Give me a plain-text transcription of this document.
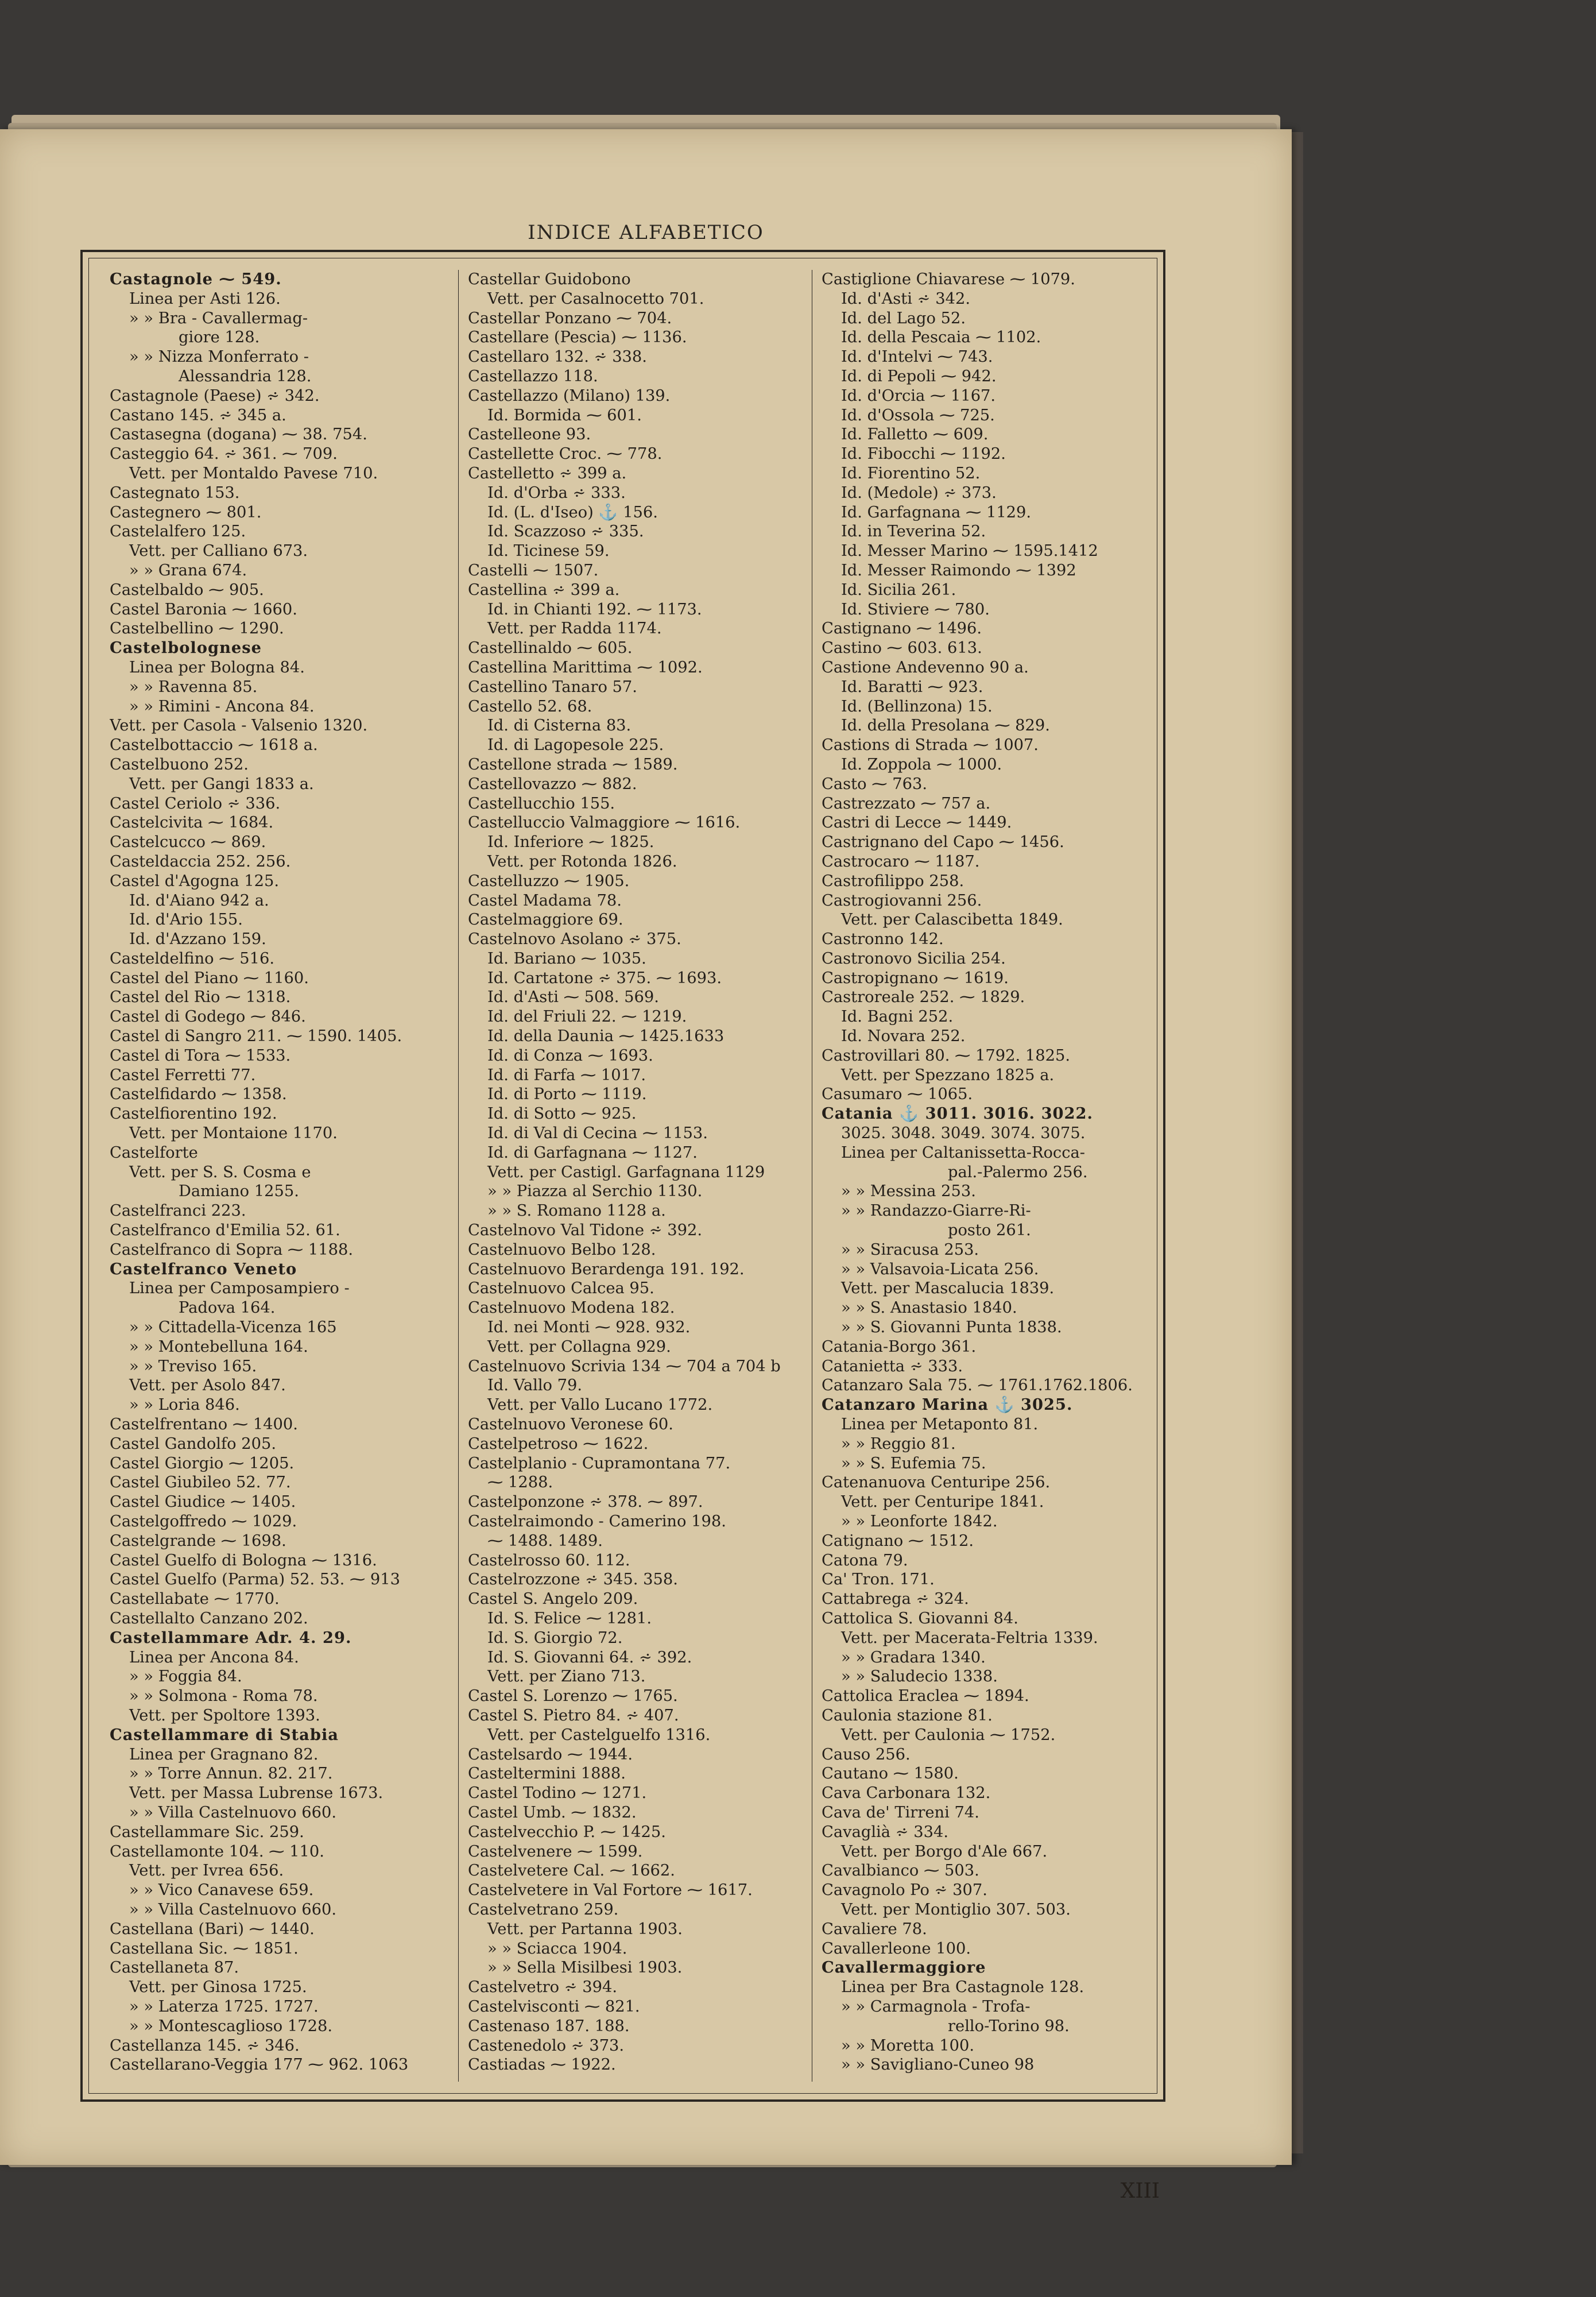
INDICE ALFABETICO
Castagnole ⁓ 549.
Linea per Asti 126.
» » Bra - Cavallermag-
giore 128.
» » Nizza Monferrato -
Alessandria 128.
Castagnole (Paese) ⩫ 342.
Castano 145. ⩫ 345 a.
Castasegna (dogana) ⁓ 38. 754.
Casteggio 64. ⩫ 361. ⁓ 709.
Vett. per Montaldo Pavese 710.
Castegnato 153.
Castegnero ⁓ 801.
Castelalfero 125.
Vett. per Calliano 673.
» » Grana 674.
Castelbaldo ⁓ 905.
Castel Baronia ⁓ 1660.
Castelbellino ⁓ 1290.
Castelbolognese
Linea per Bologna 84.
» » Ravenna 85.
» » Rimini - Ancona 84.
Vett. per Casola - Valsenio 1320.
Castelbottaccio ⁓ 1618 a.
Castelbuono 252.
Vett. per Gangi 1833 a.
Castel Ceriolo ⩫ 336.
Castelcivita ⁓ 1684.
Castelcucco ⁓ 869.
Casteldaccia 252. 256.
Castel d'Agogna 125.
Id. d'Aiano 942 a.
Id. d'Ario 155.
Id. d'Azzano 159.
Casteldelfino ⁓ 516.
Castel del Piano ⁓ 1160.
Castel del Rio ⁓ 1318.
Castel di Godego ⁓ 846.
Castel di Sangro 211. ⁓ 1590. 1405.
Castel di Tora ⁓ 1533.
Castel Ferretti 77.
Castelfidardo ⁓ 1358.
Castelfiorentino 192.
Vett. per Montaione 1170.
Castelforte
Vett. per S. S. Cosma e
Damiano 1255.
Castelfranci 223.
Castelfranco d'Emilia 52. 61.
Castelfranco di Sopra ⁓ 1188.
Castelfranco Veneto
Linea per Camposampiero -
Padova 164.
» » Cittadella-Vicenza 165
» » Montebelluna 164.
» » Treviso 165.
Vett. per Asolo 847.
» » Loria 846.
Castelfrentano ⁓ 1400.
Castel Gandolfo 205.
Castel Giorgio ⁓ 1205.
Castel Giubileo 52. 77.
Castel Giudice ⁓ 1405.
Castelgoffredo ⁓ 1029.
Castelgrande ⁓ 1698.
Castel Guelfo di Bologna ⁓ 1316.
Castel Guelfo (Parma) 52. 53. ⁓ 913
Castellabate ⁓ 1770.
Castellalto Canzano 202.
Castellammare Adr. 4. 29.
Linea per Ancona 84.
» » Foggia 84.
» » Solmona - Roma 78.
Vett. per Spoltore 1393.
Castellammare di Stabia
Linea per Gragnano 82.
» » Torre Annun. 82. 217.
Vett. per Massa Lubrense 1673.
» » Villa Castelnuovo 660.
Castellammare Sic. 259.
Castellamonte 104. ⁓ 110.
Vett. per Ivrea 656.
» » Vico Canavese 659.
» » Villa Castelnuovo 660.
Castellana (Bari) ⁓ 1440.
Castellana Sic. ⁓ 1851.
Castellaneta 87.
Vett. per Ginosa 1725.
» » Laterza 1725. 1727.
» » Montescaglioso 1728.
Castellanza 145. ⩫ 346.
Castellarano-Veggia 177 ⁓ 962. 1063
Castellar Guidobono
Vett. per Casalnocetto 701.
Castellar Ponzano ⁓ 704.
Castellare (Pescia) ⁓ 1136.
Castellaro 132. ⩫ 338.
Castellazzo 118.
Castellazzo (Milano) 139.
Id. Bormida ⁓ 601.
Castelleone 93.
Castellette Croc. ⁓ 778.
Castelletto ⩫ 399 a.
Id. d'Orba ⩫ 333.
Id. (L. d'Iseo) ⚓ 156.
Id. Scazzoso ⩫ 335.
Id. Ticinese 59.
Castelli ⁓ 1507.
Castellina ⩫ 399 a.
Id. in Chianti 192. ⁓ 1173.
Vett. per Radda 1174.
Castellinaldo ⁓ 605.
Castellina Marittima ⁓ 1092.
Castellino Tanaro 57.
Castello 52. 68.
Id. di Cisterna 83.
Id. di Lagopesole 225.
Castellone strada ⁓ 1589.
Castellovazzo ⁓ 882.
Castellucchio 155.
Castelluccio Valmaggiore ⁓ 1616.
Id. Inferiore ⁓ 1825.
Vett. per Rotonda 1826.
Castelluzzo ⁓ 1905.
Castel Madama 78.
Castelmaggiore 69.
Castelnovo Asolano ⩫ 375.
Id. Bariano ⁓ 1035.
Id. Cartatone ⩫ 375. ⁓ 1693.
Id. d'Asti ⁓ 508. 569.
Id. del Friuli 22. ⁓ 1219.
Id. della Daunia ⁓ 1425.1633
Id. di Conza ⁓ 1693.
Id. di Farfa ⁓ 1017.
Id. di Porto ⁓ 1119.
Id. di Sotto ⁓ 925.
Id. di Val di Cecina ⁓ 1153.
Id. di Garfagnana ⁓ 1127.
Vett. per Castigl. Garfagnana 1129
» » Piazza al Serchio 1130.
» » S. Romano 1128 a.
Castelnovo Val Tidone ⩫ 392.
Castelnuovo Belbo 128.
Castelnuovo Berardenga 191. 192.
Castelnuovo Calcea 95.
Castelnuovo Modena 182.
Id. nei Monti ⁓ 928. 932.
Vett. per Collagna 929.
Castelnuovo Scrivia 134 ⁓ 704 a 704 b
Id. Vallo 79.
Vett. per Vallo Lucano 1772.
Castelnuovo Veronese 60.
Castelpetroso ⁓ 1622.
Castelplanio - Cupramontana 77.
⁓ 1288.
Castelponzone ⩫ 378. ⁓ 897.
Castelraimondo - Camerino 198.
⁓ 1488. 1489.
Castelrosso 60. 112.
Castelrozzone ⩫ 345. 358.
Castel S. Angelo 209.
Id. S. Felice ⁓ 1281.
Id. S. Giorgio 72.
Id. S. Giovanni 64. ⩫ 392.
Vett. per Ziano 713.
Castel S. Lorenzo ⁓ 1765.
Castel S. Pietro 84. ⩫ 407.
Vett. per Castelguelfo 1316.
Castelsardo ⁓ 1944.
Casteltermini 1888.
Castel Todino ⁓ 1271.
Castel Umb. ⁓ 1832.
Castelvecchio P. ⁓ 1425.
Castelvenere ⁓ 1599.
Castelvetere Cal. ⁓ 1662.
Castelvetere in Val Fortore ⁓ 1617.
Castelvetrano 259.
Vett. per Partanna 1903.
» » Sciacca 1904.
» » Sella Misilbesi 1903.
Castelvetro ⩫ 394.
Castelvisconti ⁓ 821.
Castenaso 187. 188.
Castenedolo ⩫ 373.
Castiadas ⁓ 1922.
Castiglione Chiavarese ⁓ 1079.
Id. d'Asti ⩫ 342.
Id. del Lago 52.
Id. della Pescaia ⁓ 1102.
Id. d'Intelvi ⁓ 743.
Id. di Pepoli ⁓ 942.
Id. d'Orcia ⁓ 1167.
Id. d'Ossola ⁓ 725.
Id. Falletto ⁓ 609.
Id. Fibocchi ⁓ 1192.
Id. Fiorentino 52.
Id. (Medole) ⩫ 373.
Id. Garfagnana ⁓ 1129.
Id. in Teverina 52.
Id. Messer Marino ⁓ 1595.1412
Id. Messer Raimondo ⁓ 1392
Id. Sicilia 261.
Id. Stiviere ⁓ 780.
Castignano ⁓ 1496.
Castino ⁓ 603. 613.
Castione Andevenno 90 a.
Id. Baratti ⁓ 923.
Id. (Bellinzona) 15.
Id. della Presolana ⁓ 829.
Castions di Strada ⁓ 1007.
Id. Zoppola ⁓ 1000.
Casto ⁓ 763.
Castrezzato ⁓ 757 a.
Castri di Lecce ⁓ 1449.
Castrignano del Capo ⁓ 1456.
Castrocaro ⁓ 1187.
Castrofilippo 258.
Castrogiovanni 256.
Vett. per Calascibetta 1849.
Castronno 142.
Castronovo Sicilia 254.
Castropignano ⁓ 1619.
Castroreale 252. ⁓ 1829.
Id. Bagni 252.
Id. Novara 252.
Castrovillari 80. ⁓ 1792. 1825.
Vett. per Spezzano 1825 a.
Casumaro ⁓ 1065.
Catania ⚓ 3011. 3016. 3022.
3025. 3048. 3049. 3074. 3075.
Linea per Caltanissetta-Rocca-
pal.-Palermo 256.
» » Messina 253.
» » Randazzo-Giarre-Ri-
posto 261.
» » Siracusa 253.
» » Valsavoia-Licata 256.
Vett. per Mascalucia 1839.
» » S. Anastasio 1840.
» » S. Giovanni Punta 1838.
Catania-Borgo 361.
Catanietta ⩫ 333.
Catanzaro Sala 75. ⁓ 1761.1762.1806.
Catanzaro Marina ⚓ 3025.
Linea per Metaponto 81.
» » Reggio 81.
» » S. Eufemia 75.
Catenanuova Centuripe 256.
Vett. per Centuripe 1841.
» » Leonforte 1842.
Catignano ⁓ 1512.
Catona 79.
Ca' Tron. 171.
Cattabrega ⩫ 324.
Cattolica S. Giovanni 84.
Vett. per Macerata-Feltria 1339.
» » Gradara 1340.
» » Saludecio 1338.
Cattolica Eraclea ⁓ 1894.
Caulonia stazione 81.
Vett. per Caulonia ⁓ 1752.
Causo 256.
Cautano ⁓ 1580.
Cava Carbonara 132.
Cava de' Tirreni 74.
Cavaglià ⩫ 334.
Vett. per Borgo d'Ale 667.
Cavalbianco ⁓ 503.
Cavagnolo Po ⩫ 307.
Vett. per Montiglio 307. 503.
Cavaliere 78.
Cavallerleone 100.
Cavallermaggiore
Linea per Bra Castagnole 128.
» » Carmagnola - Trofa-
rello-Torino 98.
» » Moretta 100.
» » Savigliano-Cuneo 98
XIII
